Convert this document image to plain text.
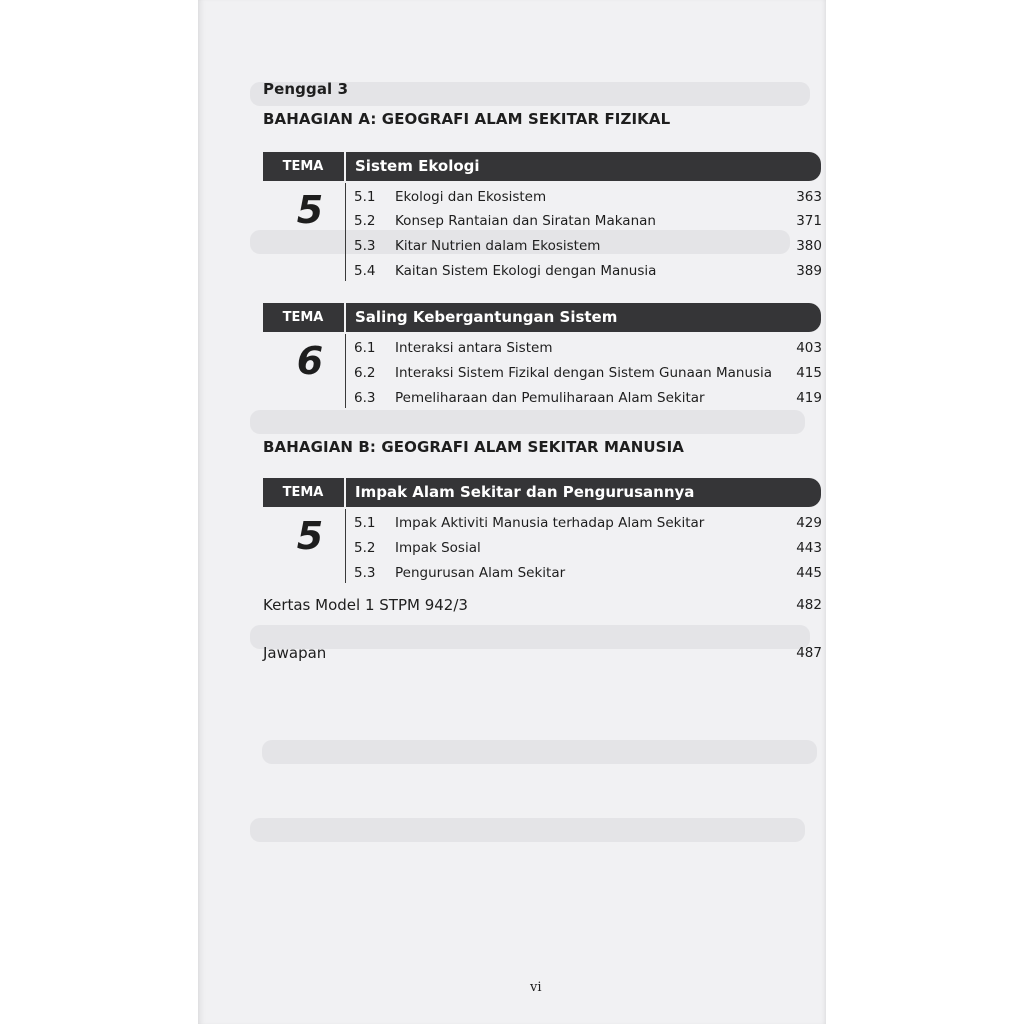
Penggal 3
BAHAGIAN A: GEOGRAFI ALAM SEKITAR FIZIKAL
TEMA	Sistem Ekologi
5	5.1 Ekologi dan Ekosistem	363
5.2 Konsep Rantaian dan Siratan Makanan	371
5.3 Kitar Nutrien dalam Ekosistem	380
5.4 Kaitan Sistem Ekologi dengan Manusia	389
TEMA	Saling Kebergantungan Sistem
6	6.1 Interaksi antara Sistem	403
6.2 Interaksi Sistem Fizikal dengan Sistem Gunaan Manusia 415
6.3 Pemeliharaan dan Pemuliharaan Alam Sekitar	419
BAHAGIAN B: GEOGRAFI ALAM SEKITAR MANUSIA
TEMA	Impak Alam Sekitar dan Pengurusannya
5	5.1 Impak Aktiviti Manusia terhadap Alam Sekitar	429
5.2 Impak Sosial	443
5.3 Pengurusan Alam Sekitar	445
Kertas Model 1 STPM 942/3	482
Jawapan	487
vi
